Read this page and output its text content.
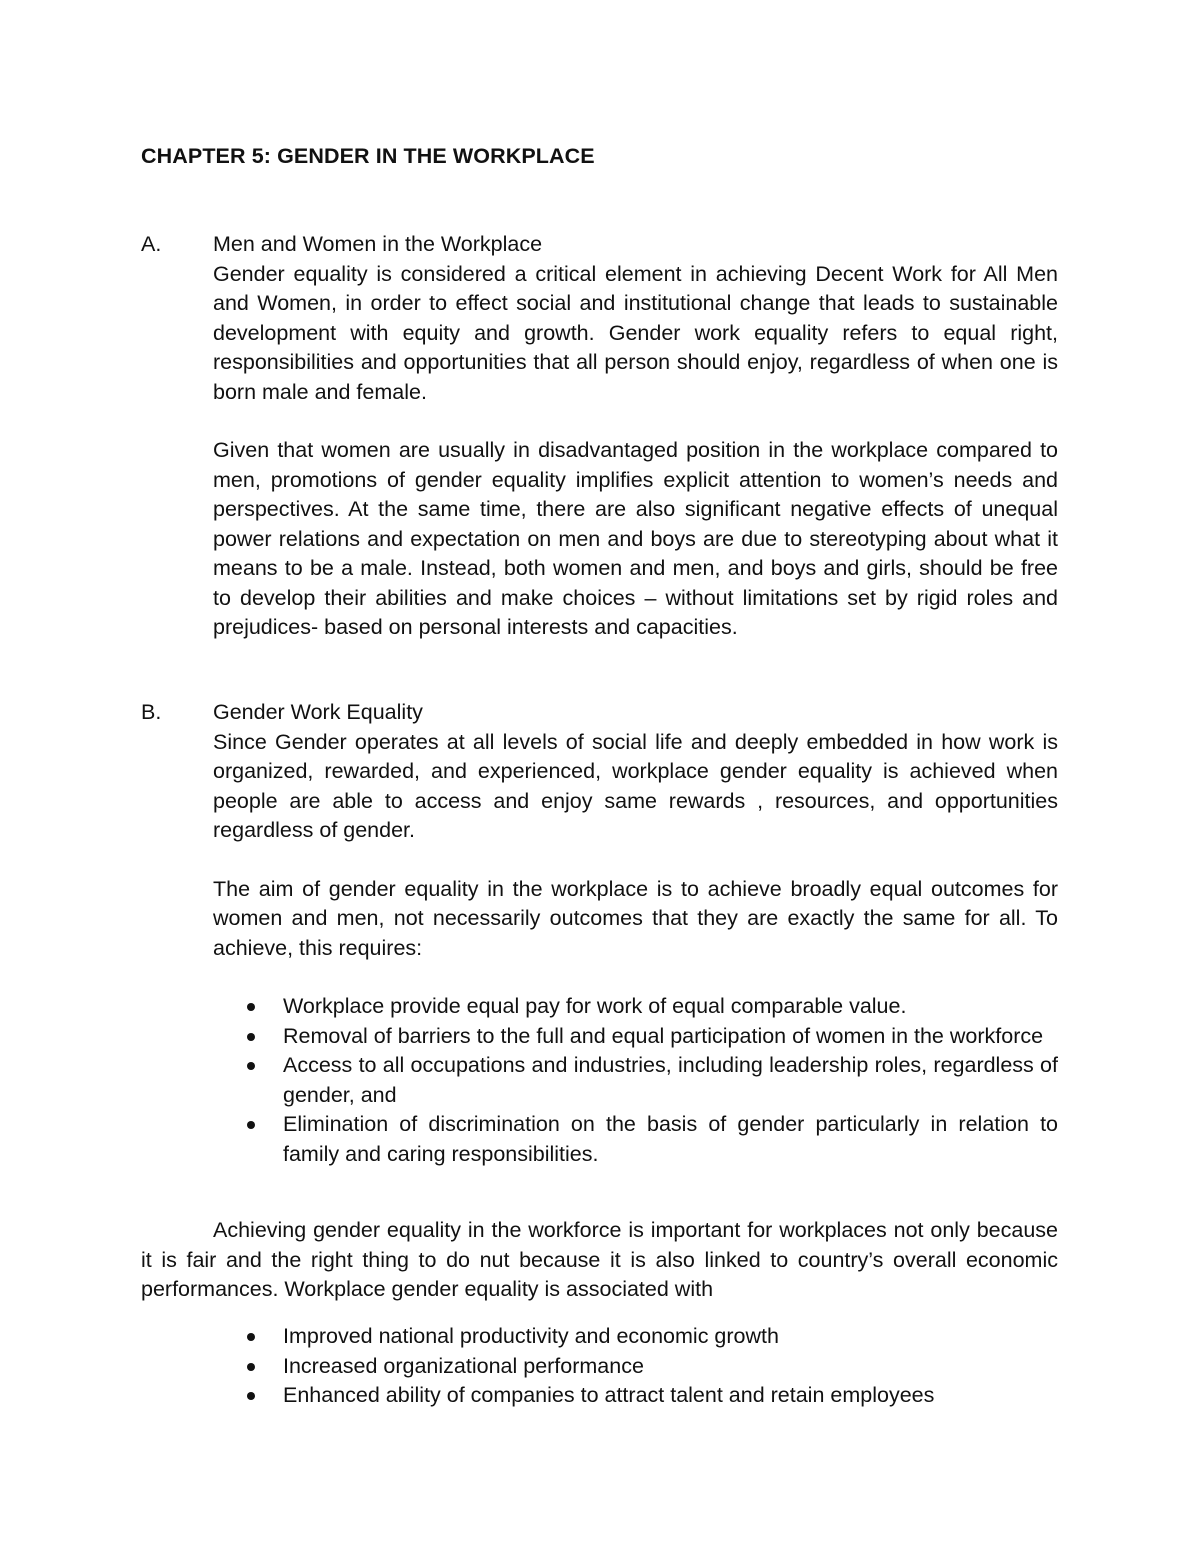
CHAPTER 5: GENDER IN THE WORKPLACE
A. Men and Women in the Workplace

Gender equality is considered a critical element in achieving Decent Work for All Men and Women, in order to effect social and institutional change that leads to sustainable development with equity and growth. Gender work equality refers to equal right, responsibilities and opportunities that all person should enjoy, regardless of when one is born male and female.

Given that women are usually in disadvantaged position in the workplace compared to men, promotions of gender equality implifies explicit attention to women’s needs and perspectives. At the same time, there are also significant negative effects of unequal power relations and expectation on men and boys are due to stereotyping about what it means to be a male. Instead, both women and men, and boys and girls, should be free to develop their abilities and make choices – without limitations set by rigid roles and prejudices- based on personal interests and capacities.

B. Gender Work Equality

Since Gender operates at all levels of social life and deeply embedded in how work is organized, rewarded, and experienced, workplace gender equality is achieved when people are able to access and enjoy same rewards , resources, and opportunities regardless of gender.

The aim of gender equality in the workplace is to achieve broadly equal outcomes for women and men, not necessarily outcomes that they are exactly the same for all. To achieve, this requires:

Workplace provide equal pay for work of equal comparable value.
Removal of barriers to the full and equal participation of women in the workforce
Access to all occupations and industries, including leadership roles, regardless of gender, and
Elimination of discrimination on the basis of gender particularly in relation to family and caring responsibilities.

Achieving gender equality in the workforce is important for workplaces not only because it is fair and the right thing to do nut because it is also linked to country’s overall economic performances. Workplace gender equality is associated with

Improved national productivity and economic growth
Increased organizational performance
Enhanced ability of companies to attract talent and retain employees
